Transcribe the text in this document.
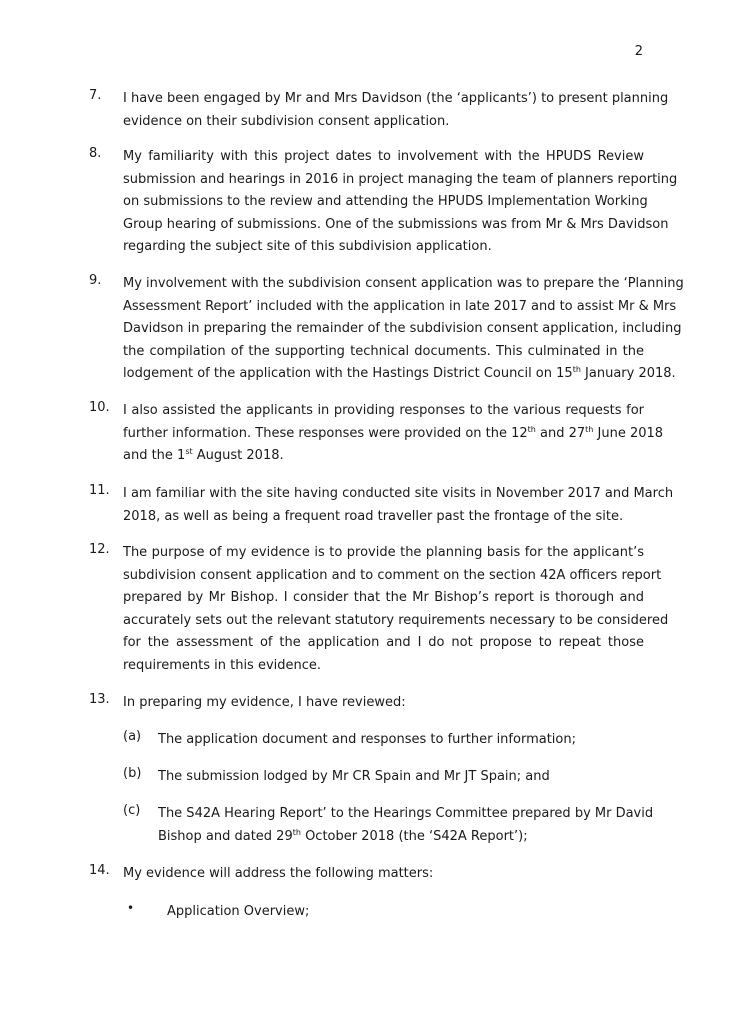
2
7. I have been engaged by Mr and Mrs Davidson (the ‘applicants’) to present planning
evidence on their subdivision consent application.
8. My familiarity with this project dates to involvement with the HPUDS Review
submission and hearings in 2016 in project managing the team of planners reporting
on submissions to the review and attending the HPUDS Implementation Working
Group hearing of submissions. One of the submissions was from Mr & Mrs Davidson
regarding the subject site of this subdivision application.
9. My involvement with the subdivision consent application was to prepare the ‘Planning
Assessment Report’ included with the application in late 2017 and to assist Mr & Mrs
Davidson in preparing the remainder of the subdivision consent application, including
the compilation of the supporting technical documents. This culminated in the
lodgement of the application with the Hastings District Council on 15th January 2018.
10. I also assisted the applicants in providing responses to the various requests for
further information. These responses were provided on the 12th and 27th June 2018
and the 1st August 2018.
11. I am familiar with the site having conducted site visits in November 2017 and March
2018, as well as being a frequent road traveller past the frontage of the site.
12. The purpose of my evidence is to provide the planning basis for the applicant’s
subdivision consent application and to comment on the section 42A officers report
prepared by Mr Bishop. I consider that the Mr Bishop’s report is thorough and
accurately sets out the relevant statutory requirements necessary to be considered
for the assessment of the application and I do not propose to repeat those
requirements in this evidence.
13. In preparing my evidence, I have reviewed:
(a) The application document and responses to further information;
(b) The submission lodged by Mr CR Spain and Mr JT Spain; and
(c) The S42A Hearing Report’ to the Hearings Committee prepared by Mr David
Bishop and dated 29th October 2018 (the ‘S42A Report’);
14. My evidence will address the following matters:
•	Application Overview;
